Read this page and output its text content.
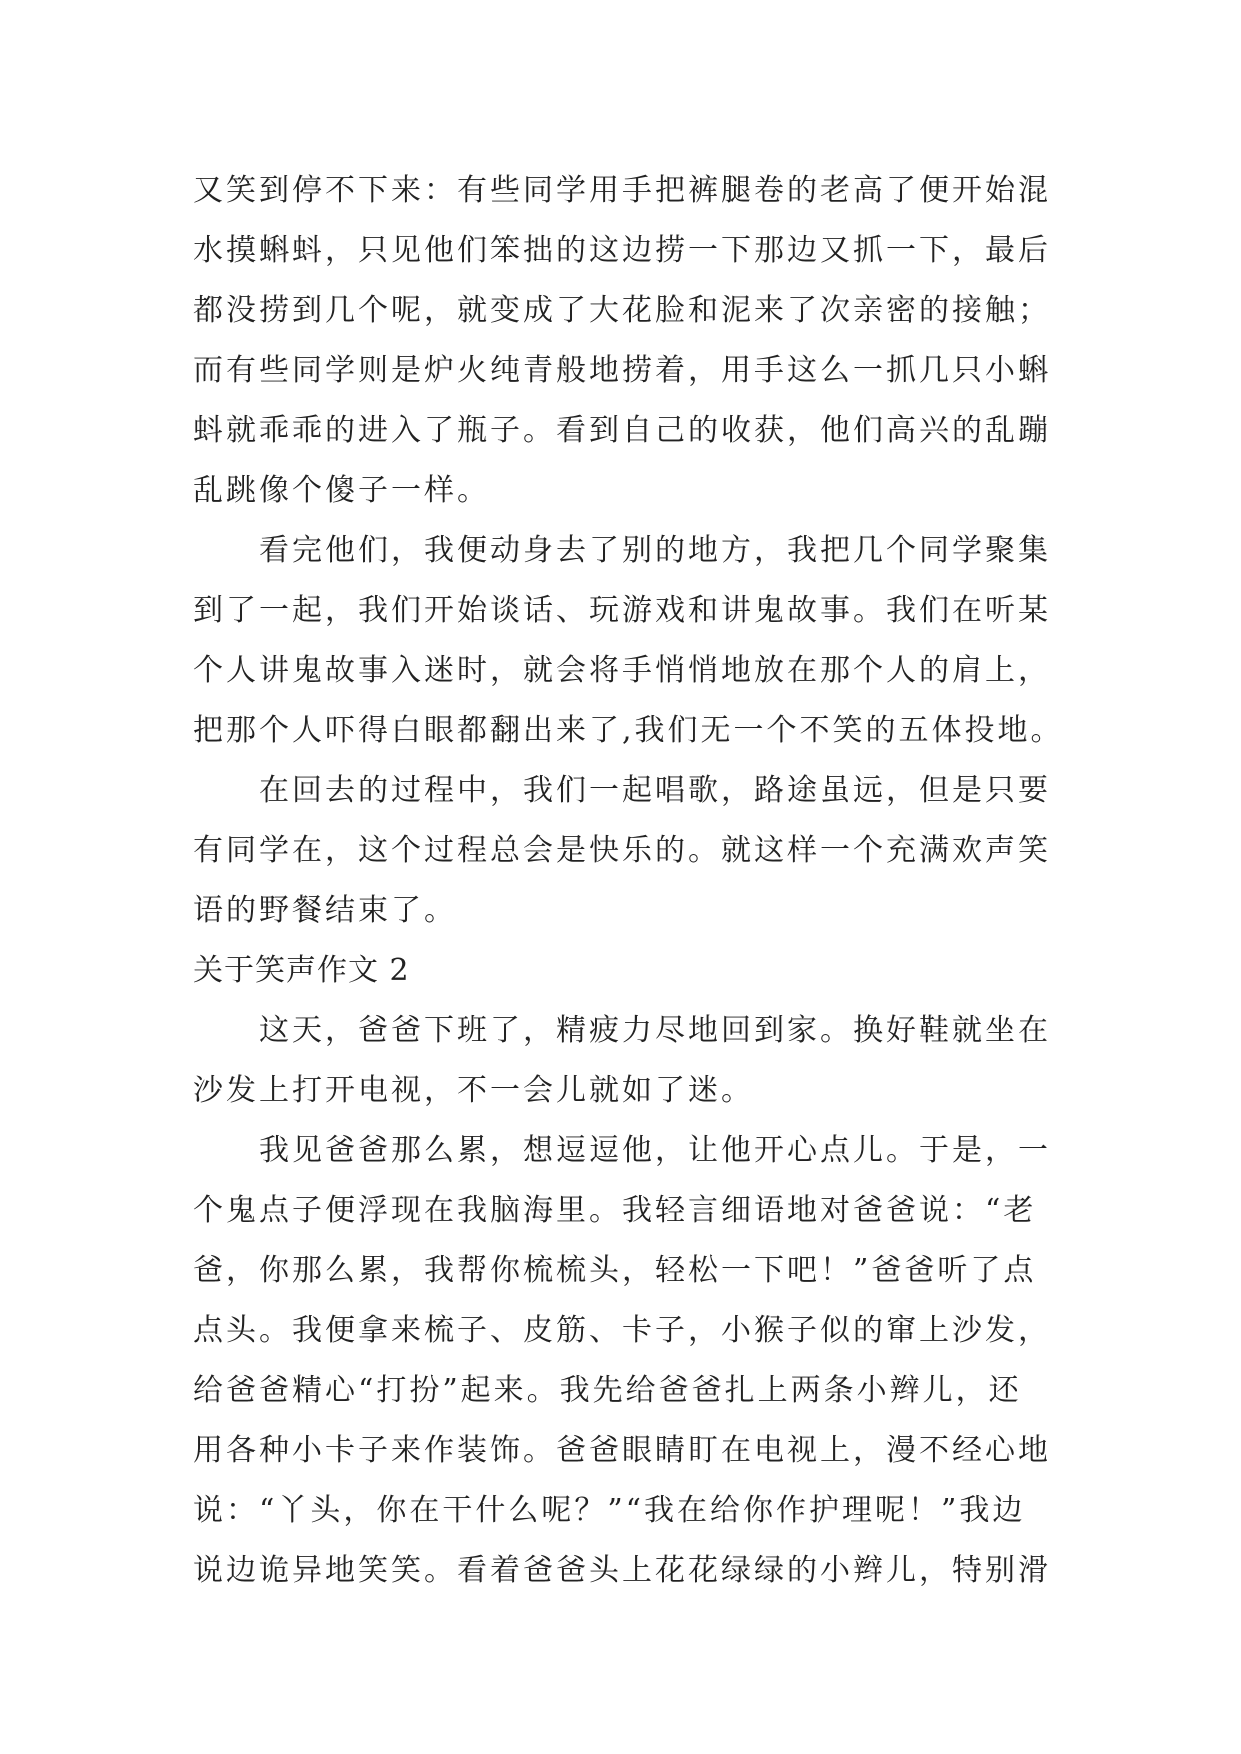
又笑到停不下来：有些同学用手把裤腿卷的老高了便开始混
水摸蝌蚪，只见他们笨拙的这边捞一下那边又抓一下，最后
都没捞到几个呢，就变成了大花脸和泥来了次亲密的接触；
而有些同学则是炉火纯青般地捞着，用手这么一抓几只小蝌
蚪就乖乖的进入了瓶子。看到自己的收获，他们高兴的乱蹦
乱跳像个傻子一样。
看完他们，我便动身去了别的地方，我把几个同学聚集
到了一起，我们开始谈话、玩游戏和讲鬼故事。我们在听某
个人讲鬼故事入迷时，就会将手悄悄地放在那个人的肩上，
把那个人吓得白眼都翻出来了,我们无一个不笑的五体投地。
在回去的过程中，我们一起唱歌，路途虽远，但是只要
有同学在，这个过程总会是快乐的。就这样一个充满欢声笑
语的野餐结束了。
关于笑声作文 2
这天，爸爸下班了，精疲力尽地回到家。换好鞋就坐在
沙发上打开电视，不一会儿就如了迷。
我见爸爸那么累，想逗逗他，让他开心点儿。于是，一
个鬼点子便浮现在我脑海里。我轻言细语地对爸爸说：“老
爸，你那么累，我帮你梳梳头，轻松一下吧！”爸爸听了点
点头。我便拿来梳子、皮筋、卡子，小猴子似的窜上沙发，
给爸爸精心“打扮”起来。我先给爸爸扎上两条小辫儿，还
用各种小卡子来作装饰。爸爸眼睛盯在电视上，漫不经心地
说：“丫头，你在干什么呢？”“我在给你作护理呢！”我边
说边诡异地笑笑。看着爸爸头上花花绿绿的小辫儿，特别滑
